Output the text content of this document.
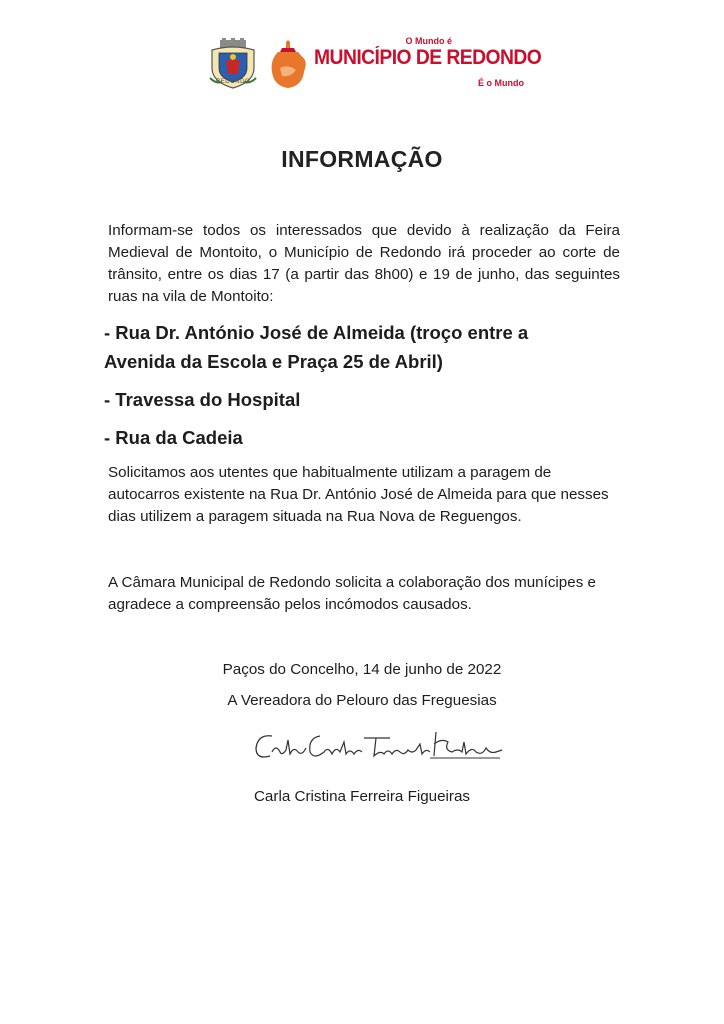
REDONDO
O Mundo é
MUNICÍPIO DE REDONDO
É o Mundo
INFORMAÇÃO
Informam-se todos os interessados que devido à realização da Feira
Medieval de Montoito, o Município de Redondo irá proceder ao corte de
trânsito, entre os dias 17 (a partir das 8h00) e 19 de junho, das seguintes
ruas na vila de Montoito:
- Rua Dr. António José de Almeida (troço entre a
Avenida da Escola e Praça 25 de Abril)
- Travessa do Hospital
- Rua da Cadeia
Solicitamos aos utentes que habitualmente utilizam a paragem de
autocarros existente na Rua Dr. António José de Almeida para que nesses
dias utilizem a paragem situada na Rua Nova de Reguengos.
A Câmara Municipal de Redondo solicita a colaboração dos munícipes e
agradece a compreensão pelos incómodos causados.
Paços do Concelho, 14 de junho de 2022
A Vereadora do Pelouro das Freguesias
Carla Cristina Ferreira Figueiras
